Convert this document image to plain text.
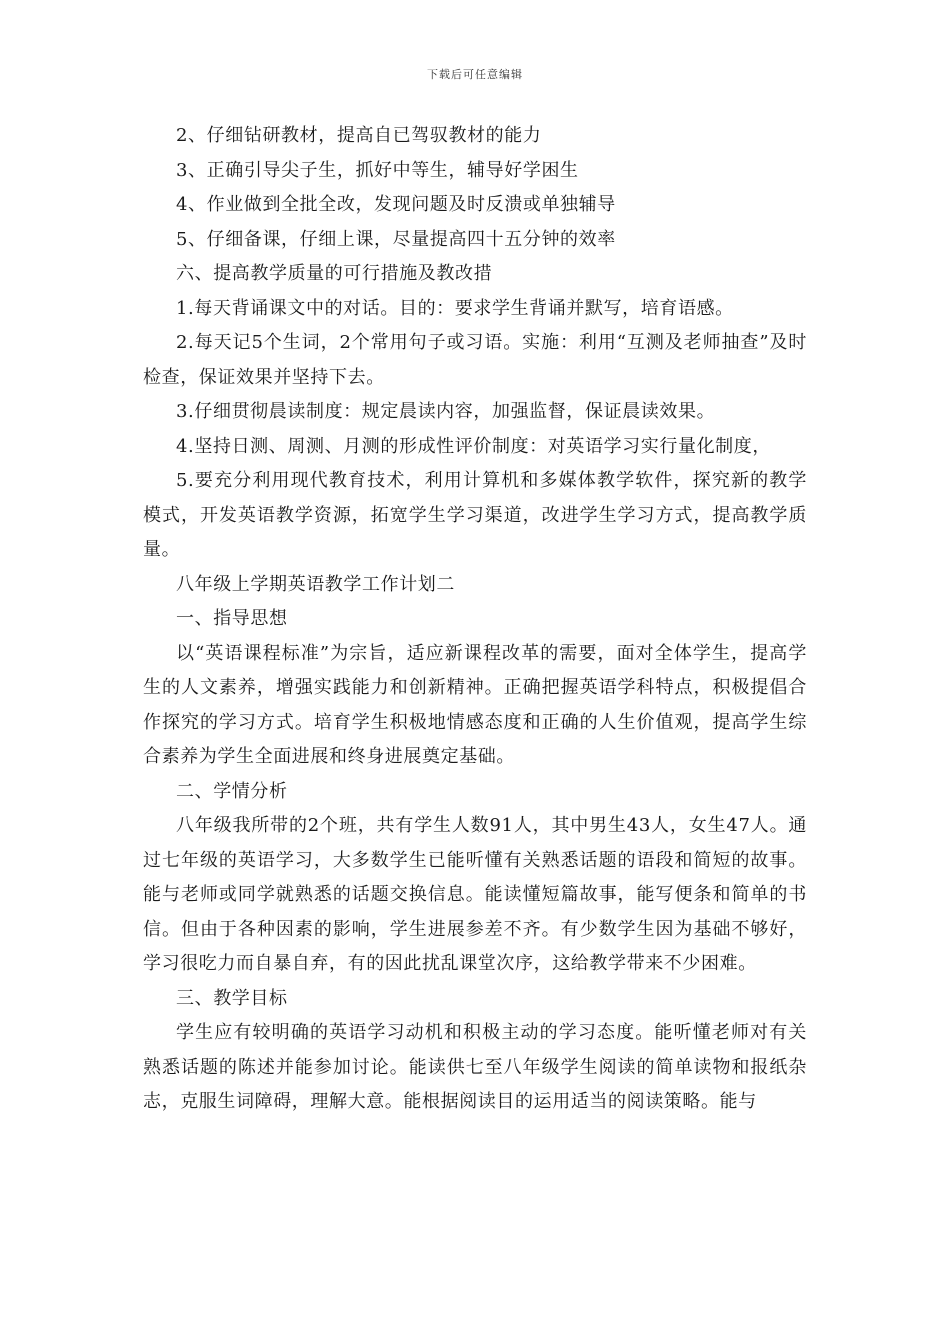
下载后可任意编辑

2、仔细钻研教材，提高自已驾驭教材的能力

3、正确引导尖子生，抓好中等生，辅导好学困生

4、作业做到全批全改，发现问题及时反溃或单独辅导

5、仔细备课，仔细上课，尽量提高四十五分钟的效率

六、提高教学质量的可行措施及教改措

1.每天背诵课文中的对话。目的：要求学生背诵并默写，培育语感。

2.每天记5个生词，2个常用句子或习语。实施：利用“互测及老师抽查”及时检查，保证效果并坚持下去。

3.仔细贯彻晨读制度：规定晨读内容，加强监督，保证晨读效果。

4.坚持日测、周测、月测的形成性评价制度：对英语学习实行量化制度，

5.要充分利用现代教育技术，利用计算机和多媒体教学软件，探究新的教学模式，开发英语教学资源，拓宽学生学习渠道，改进学生学习方式，提高教学质量。

八年级上学期英语教学工作计划二

一、指导思想

以“英语课程标准”为宗旨，适应新课程改革的需要，面对全体学生，提高学生的人文素养，增强实践能力和创新精神。正确把握英语学科特点，积极提倡合作探究的学习方式。培育学生积极地情感态度和正确的人生价值观，提高学生综合素养为学生全面进展和终身进展奠定基础。

二、学情分析

八年级我所带的2个班，共有学生人数91人，其中男生43人，女生47人。通过七年级的英语学习，大多数学生已能听懂有关熟悉话题的语段和简短的故事。能与老师或同学就熟悉的话题交换信息。能读懂短篇故事，能写便条和简单的书信。但由于各种因素的影响，学生进展参差不齐。有少数学生因为基础不够好，学习很吃力而自暴自弃，有的因此扰乱课堂次序，这给教学带来不少困难。

三、教学目标

学生应有较明确的英语学习动机和积极主动的学习态度。能听懂老师对有关熟悉话题的陈述并能参加讨论。能读供七至八年级学生阅读的简单读物和报纸杂志，克服生词障碍，理解大意。能根据阅读目的运用适当的阅读策略。能与
